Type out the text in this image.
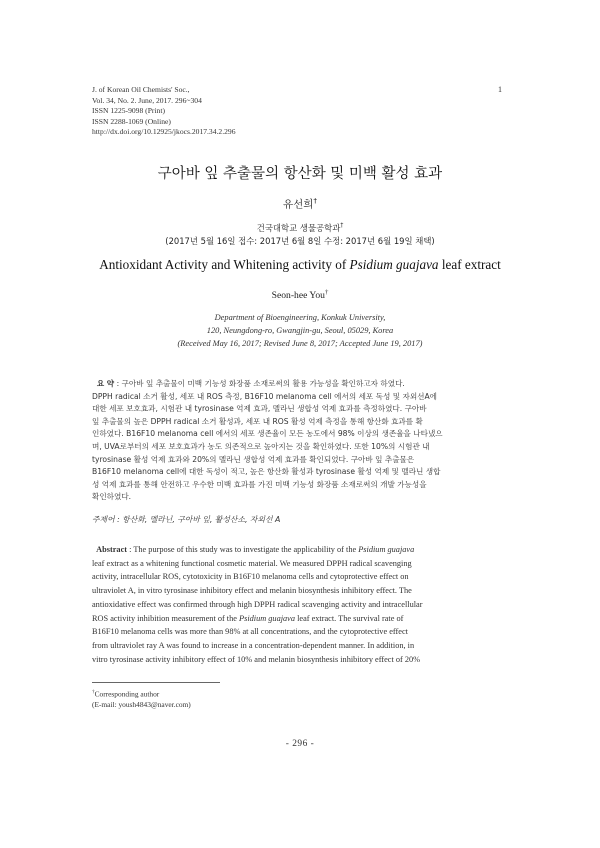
J. of Korean Oil Chemists' Soc.,
Vol. 34, No. 2. June, 2017. 296~304
ISSN 1225-9098 (Print)
ISSN 2288-1069 (Online)
http://dx.doi.org/10.12925/jkocs.2017.34.2.296
1
구아바 잎 추출물의 항산화 및 미백 활성 효과
유선희†
건국대학교 생물공학과†
(2017년 5월 16일 접수: 2017년 6월 8일 수정: 2017년 6월 19일 채택)
Antioxidant Activity and Whitening activity of Psidium guajava leaf extract
Seon-hee You†
Department of Bioengineering, Konkuk University,
120, Neungdong-ro, Gwangjin-gu, Seoul, 05029, Korea
(Received May 16, 2017; Revised June 8, 2017; Accepted June 19, 2017)
요 약 : 구아바 잎 추출물이 미백 기능성 화장품 소재로써의 활용 가능성을 확인하고자 하였다.
DPPH radical 소거 활성, 세포 내 ROS 측정, B16F10 melanoma cell 에서의 세포 독성 및 자외선A에
대한 세포 보호효과, 시험관 내 tyrosinase 억제 효과, 멜라닌 생합성 억제 효과를 측정하였다. 구아바
잎 추출물의 높은 DPPH radical 소거 활성과, 세포 내 ROS 활성 억제 측정을 통해 항산화 효과를 확
인하였다. B16F10 melanoma cell 에서의 세포 생존율이 모든 농도에서 98% 이상의 생존율을 나타냈으
며, UVA로부터의 세포 보호효과가 농도 의존적으로 높아지는 것을 확인하였다. 또한 10%의 시험관 내
tyrosinase 활성 억제 효과와 20%의 멜라닌 생합성 억제 효과를 확인되었다. 구아바 잎 추출물은
B16F10 melanoma cell에 대한 독성이 적고, 높은 항산화 활성과 tyrosinase 활성 억제 및 멜라닌 생합
성 억제 효과를 통해 안전하고 우수한 미백 효과를 가진 미백 기능성 화장품 소재로써의 개발 가능성을
확인하였다.
주제어 : 항산화, 멜라닌, 구아바 잎, 활성산소, 자외선 A
Abstract : The purpose of this study was to investigate the applicability of the Psidium guajava
leaf extract as a whitening functional cosmetic material. We measured DPPH radical scavenging
activity, intracellular ROS, cytotoxicity in B16F10 melanoma cells and cytoprotective effect on
ultraviolet A, in vitro tyrosinase inhibitory effect and melanin biosynthesis inhibitory effect. The
antioxidative effect was confirmed through high DPPH radical scavenging activity and intracellular
ROS activity inhibition measurement of the Psidium guajava leaf extract. The survival rate of
B16F10 melanoma cells was more than 98% at all concentrations, and the cytoprotective effect
from ultraviolet ray A was found to increase in a concentration-dependent manner. In addition, in
vitro tyrosinase activity inhibitory effect of 10% and melanin biosynthesis inhibitory effect of 20%
†Corresponding author
(E-mail: yoush4843@naver.com)
- 296 -
